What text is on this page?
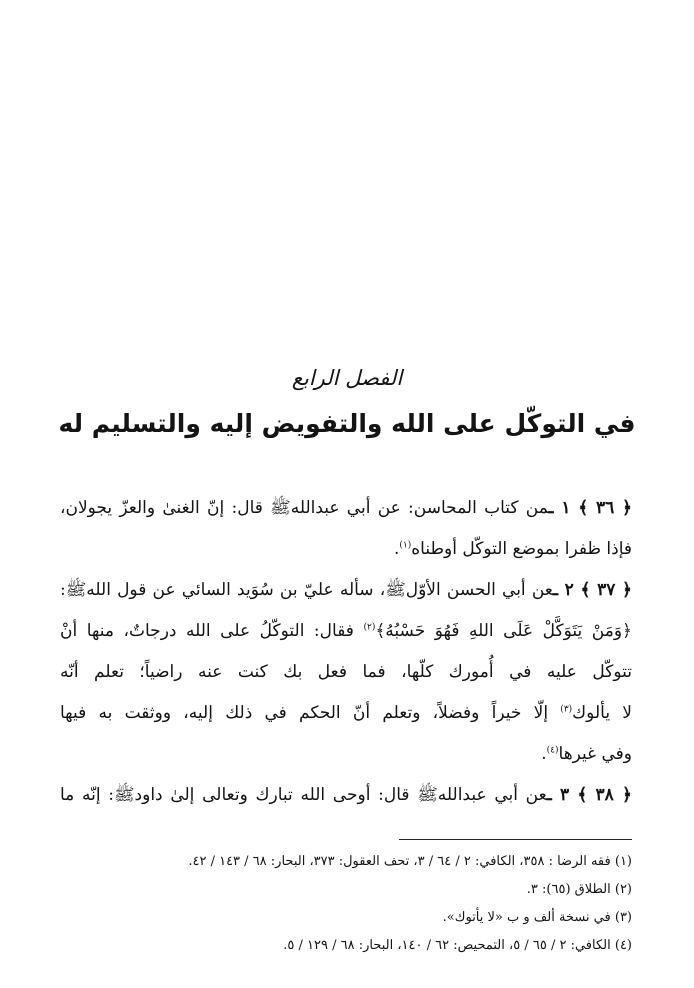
الفصل الرابع
في التوكّل على الله والتفويض إليه والتسليم له
﴿ ٣٦ ﴾ ١ ـمن كتاب المحاسن: عن أبي عبداللهﷺ قال: إنّ الغنىٰ والعزّ يجولان،
فإذا ظفرا بموضع التوكّل أوطناه$^{(١)}$.
﴿ ٣٧ ﴾ ٢ ـعن أبي الحسن الأوّلﷺ، سأله عليّ بن سُوَيد السائي عن قول اللهﷺ:
﴿وَمَنْ يَتَوَكَّلْ عَلَى اللهِ فَهُوَ حَسْبُهُ﴾$^{(٢)}$ فقال: التوكّلُ على الله درجاتٌ، منها أنْ
تتوكّل عليه في أُمورك كلّها، فما فعل بك كنت عنه راضياً؛ تعلم أنّه
لا يألوك$^{(٣)}$ إلّا خيراً وفضلاً، وتعلم أنّ الحكم في ذلك إليه، ووثقت به فيها
وفي غيرها$^{(٤)}$.
﴿ ٣٨ ﴾ ٣ ـعن أبي عبداللهﷺ قال: أوحى الله تبارك وتعالى إلىٰ داودﷺ: إنّه ما
(١) فقه الرضا : ٣٥٨، الكافي: ٢ / ٦٤ / ٣، تحف العقول: ٣٧٣، البحار: ٦٨ / ١٤٣ / ٤٢.
(٢) الطلاق (٦٥): ٣.
(٣) في نسخة ألف و ب «لا يأتوك».
(٤) الكافي: ٢ / ٦٥ / ٥، التمحيص: ٦٢ / ١٤٠، البحار: ٦٨ / ١٢٩ / ٥.
